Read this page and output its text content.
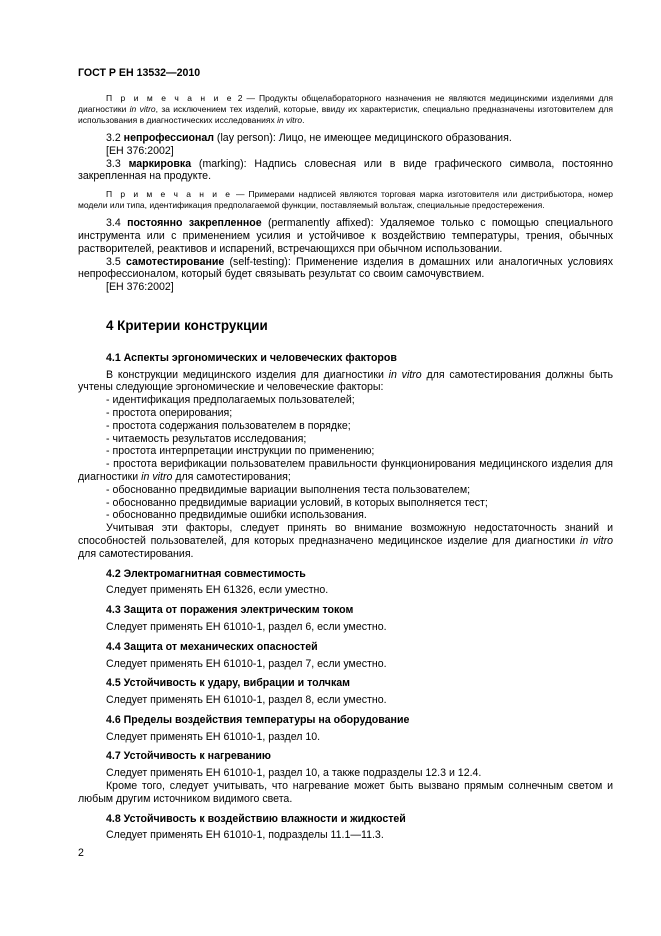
ГОСТ Р ЕН 13532—2010

П р и м е ч а н и е 2 — Продукты общелабораторного назначения не являются медицинскими изделиями для диагностики in vitro, за исключением тех изделий, которые, ввиду их характеристик, специально предназначены изготовителем для использования в диагностических исследованиях in vitro.

3.2 непрофессионал (lay person): Лицо, не имеющее медицинского образования.

[ЕН 376:2002]

3.3 маркировка (marking): Надпись словесная или в виде графического символа, постоянно закрепленная на продукте.

П р и м е ч а н и е — Примерами надписей являются торговая марка изготовителя или дистрибьютора, номер модели или типа, идентификация предполагаемой функции, поставляемый вольтаж, специальные предостережения.

3.4 постоянно закрепленное (permanently affixed): Удаляемое только с помощью специального инструмента или с применением усилия и устойчивое к воздействию температуры, трения, обычных растворителей, реактивов и испарений, встречающихся при обычном использовании.

3.5 самотестирование (self-testing): Применение изделия в домашних или аналогичных условиях непрофессионалом, который будет связывать результат со своим самочувствием.

[ЕН 376:2002]

4 Критерии конструкции
4.1 Аспекты эргономических и человеческих факторов

В конструкции медицинского изделия для диагностики in vitro для самотестирования должны быть учтены следующие эргономические и человеческие факторы:

- идентификация предполагаемых пользователей;

- простота оперирования;

- простота содержания пользователем в порядке;

- читаемость результатов исследования;

- простота интерпретации инструкции по применению;

- простота верификации пользователем правильности функционирования медицинского изделия для диагностики in vitro для самотестирования;

- обоснованно предвидимые вариации выполнения теста пользователем;

- обоснованно предвидимые вариации условий, в которых выполняется тест;

- обоснованно предвидимые ошибки использования.

Учитывая эти факторы, следует принять во внимание возможную недостаточность знаний и способностей пользователей, для которых предназначено медицинское изделие для диагностики in vitro для самотестирования.

4.2 Электромагнитная совместимость

Следует применять ЕН 61326, если уместно.

4.3 Защита от поражения электрическим током

Следует применять ЕН 61010-1, раздел 6, если уместно.

4.4 Защита от механических опасностей

Следует применять ЕН 61010-1, раздел 7, если уместно.

4.5 Устойчивость к удару, вибрации и толчкам

Следует применять ЕН 61010-1, раздел 8, если уместно.

4.6 Пределы воздействия температуры на оборудование

Следует применять ЕН 61010-1, раздел 10.

4.7 Устойчивость к нагреванию

Следует применять ЕН 61010-1, раздел 10, а также подразделы 12.3 и 12.4.

Кроме того, следует учитывать, что нагревание может быть вызвано прямым солнечным светом и любым другим источником видимого света.

4.8 Устойчивость к воздействию влажности и жидкостей

Следует применять ЕН 61010-1, подразделы 11.1—11.3.

2
